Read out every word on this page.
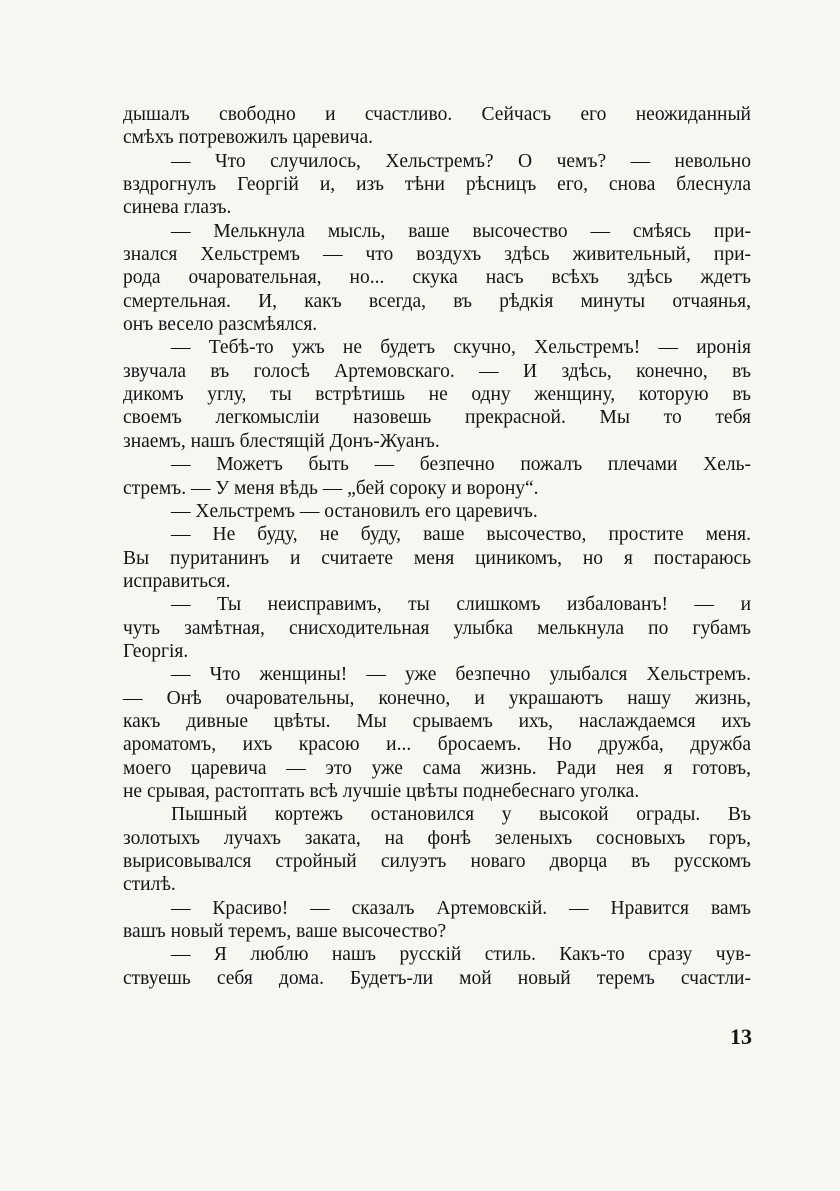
дышалъ свободно и счастливо. Сейчасъ его неожиданный
смѣхъ потревожилъ царевича.
— Что случилось, Хельстремъ? О чемъ? — невольно
вздрогнулъ Георгій и, изъ тѣни рѣсницъ его, снова блеснула
синева глазъ.
— Мелькнула мысль, ваше высочество — смѣясь при-
знался Хельстремъ — что воздухъ здѣсь живительный, при-
рода очаровательная, но... скука насъ всѣхъ здѣсь ждетъ
смертельная. И, какъ всегда, въ рѣдкія минуты отчаянья,
онъ весело разсмѣялся.
— Тебѣ-то ужъ не будетъ скучно, Хельстремъ! — иронія
звучала въ голосѣ Артемовскаго. — И здѣсь, конечно, въ
дикомъ углу, ты встрѣтишь не одну женщину, которую въ
своемъ легкомысліи назовешь прекрасной. Мы то тебя
знаемъ, нашъ блестящій Донъ-Жуанъ.
— Можетъ быть — безпечно пожалъ плечами Хель-
стремъ. — У меня вѣдь — „бей сороку и ворону“.
— Хельстремъ — остановилъ его царевичъ.
— Не буду, не буду, ваше высочество, простите меня.
Вы пуританинъ и считаете меня циникомъ, но я постараюсь
исправиться.
— Ты неисправимъ, ты слишкомъ избалованъ! — и
чуть замѣтная, снисходительная улыбка мелькнула по губамъ
Георгія.
— Что женщины! — уже безпечно улыбался Хельстремъ.
— Онѣ очаровательны, конечно, и украшаютъ нашу жизнь,
какъ дивные цвѣты. Мы срываемъ ихъ, наслаждаемся ихъ
ароматомъ, ихъ красою и... бросаемъ. Но дружба, дружба
моего царевича — это уже сама жизнь. Ради нея я готовъ,
не срывая, растоптать всѣ лучшіе цвѣты поднебеснаго уголка.
Пышный кортежъ остановился у высокой ограды. Въ
золотыхъ лучахъ заката, на фонѣ зеленыхъ сосновыхъ горъ,
вырисовывался стройный силуэтъ новаго дворца въ русскомъ
стилѣ.
— Красиво! — сказалъ Артемовскій. — Нравится вамъ
вашъ новый теремъ, ваше высочество?
— Я люблю нашъ русскій стиль. Какъ-то сразу чув-
ствуешь себя дома. Будетъ-ли мой новый теремъ счастли-
13
